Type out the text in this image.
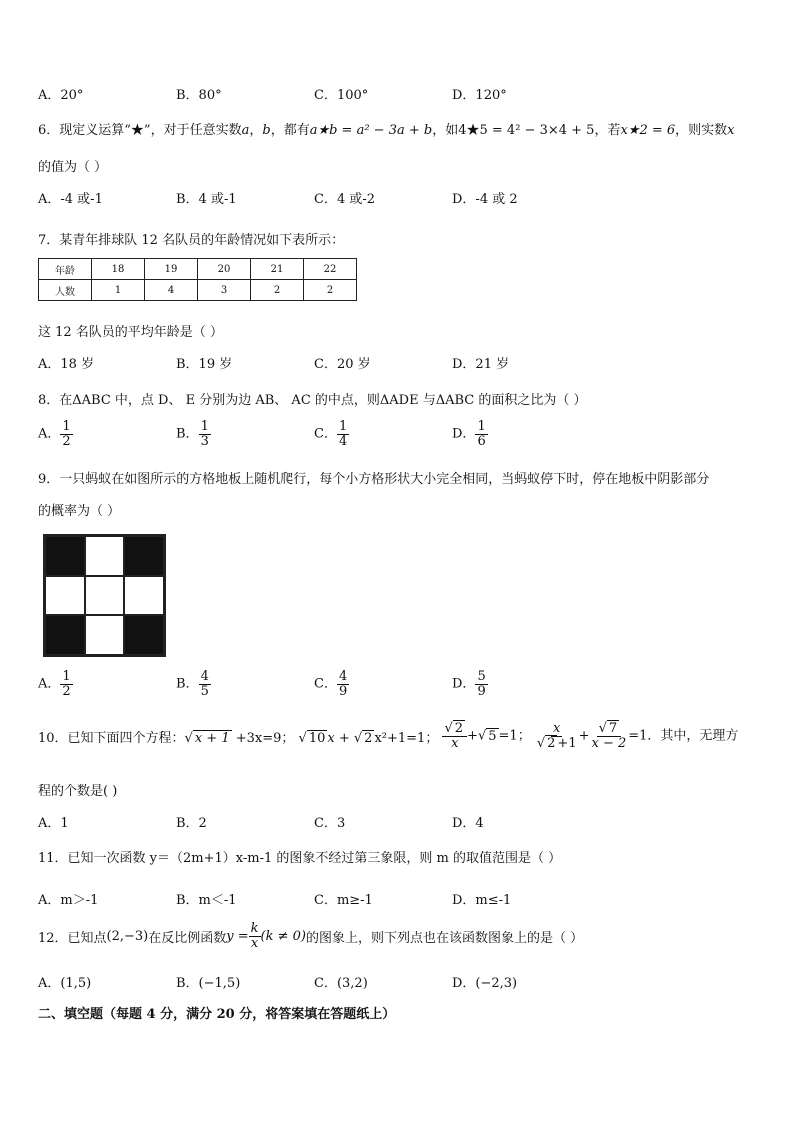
A．20°	B．80°	C．100°	D．120°
6．现定义运算“★”，对于任意实数a，b，都有a★b = a² − 3a + b，如4★5 = 4² − 3×4 + 5，若x★2 = 6，则实数x
的值为（ ）
A．-4 或-1	B．4 或-1	C．4 或-2	D．-4 或 2
7．某青年排球队 12 名队员的年龄情况如下表所示：
年龄	18	19	20	21	22
人数	1	4	3	2	2
这 12 名队员的平均年龄是（ ）
A．18 岁	B．19 岁	C．20 岁	D．21 岁
8．在ΔABC 中，点 D、 E 分别为边 AB、 AC 的中点，则ΔADE 与ΔABC 的面积之比为（ ）
A． $\frac{1}{2}$	B． $\frac{1}{3}$	C． $\frac{1}{4}$	D． $\frac{1}{6}$
9．一只蚂蚁在如图所示的方格地板上随机爬行，每个小方格形状大小完全相同，当蚂蚁停下时，停在地板中阴影部分
的概率为（ ）
A． $\frac{1}{2}$	B． $\frac{4}{5}$	C． $\frac{4}{9}$	D． $\frac{5}{9}$
10．已知下面四个方程： √ x + 1 +3x=9； √ 10 x + √ 2 x²+1=1；
$\frac{√ 2}{x}$ +√ 5 =1；
$\frac{x}{√ 2 +1} + \frac{√ 7}{x - 2} =1$．其中，无理方
程的个数是( )
A．1	B．2	C．3	D．4
11．已知一次函数 y＝（2m+1）x-m-1 的图象不经过第三象限，则 m 的取值范围是（ ）
A．m＞-1	B．m＜-1	C．m≥-1	D．m≤-1
12．已知点 (2,−3) 在反比例函数 $y = \frac{k}{x} (k \ne 0)$ 的图象上，则下列点也在该函数图象上的是（ ）
A．(1,5)	B．(−1,5)	C．(3,2)	D．(−2,3)
二、填空题（每题 4 分，满分 20 分，将答案填在答题纸上）
